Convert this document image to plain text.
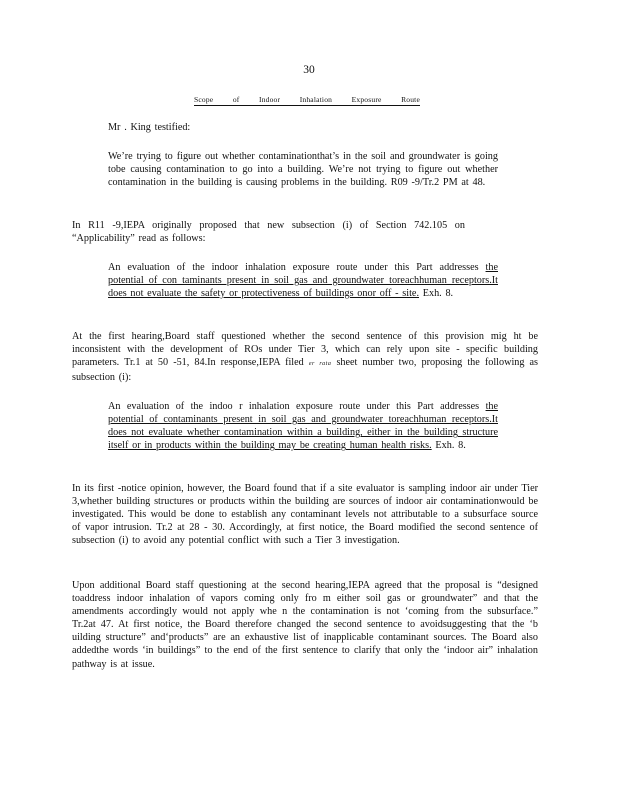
30
Scope	of	Indoor	Inhalation	Exposure	Route
Mr . King testified:
We’re trying to figure out whether contaminationthat’s in the soil and groundwater is going tobe causing contamination to go into a building. We’re not trying to figure out whether contamination in the building is causing problems in the building. R09 -9/Tr.2 PM at 48.
In R11 -9,IEPA originally proposed that new subsection (i) of Section 742.105 on “Applicability” read as follows:
An evaluation of the indoor inhalation exposure route under this Part addresses the potential of con taminants present in soil gas and groundwater toreachhuman receptors.It does not evaluate the safety or protectiveness of buildings onor off - site. Exh. 8.
At the first hearing,Board staff questioned whether the second sentence of this provision mig ht be inconsistent with the development of ROs under Tier 3, which can rely upon site - specific building parameters. Tr.1 at 50 -51, 84.In response,IEPA filed er rata sheet number two, proposing the following as subsection (i):
An evaluation of the indoo r inhalation exposure route under this Part addresses the potential of contaminants present in soil gas and groundwater toreachhuman receptors.It does not evaluate whether contamination within a building, either in the building structure itself or in products within the building may be creating human health risks. Exh. 8.
In its first -notice opinion, however, the Board found that if a site evaluator is sampling indoor air under Tier 3,whether building structures or products within the building are sources of indoor air contaminationwould be investigated. This would be done to establish any contaminant levels not attributable to a subsurface source of vapor intrusion. Tr.2 at 28 - 30. Accordingly, at first notice, the Board modified the second sentence of subsection (i) to avoid any potential conflict with such a Tier 3 investigation.
Upon additional Board staff questioning at the second hearing,IEPA agreed that the proposal is “designed toaddress indoor inhalation of vapors coming only fro m either soil gas or groundwater” and that the amendments accordingly would not apply whe n the contamination is not ‘coming from the subsurface.” Tr.2at 47. At first notice, the Board therefore changed the second sentence to avoidsuggesting that the ‘b uilding structure” and‘products” are an exhaustive list of inapplicable contaminant sources. The Board also addedthe words ‘in buildings” to the end of the first sentence to clarify that only the ‘indoor air” inhalation pathway is at issue.
